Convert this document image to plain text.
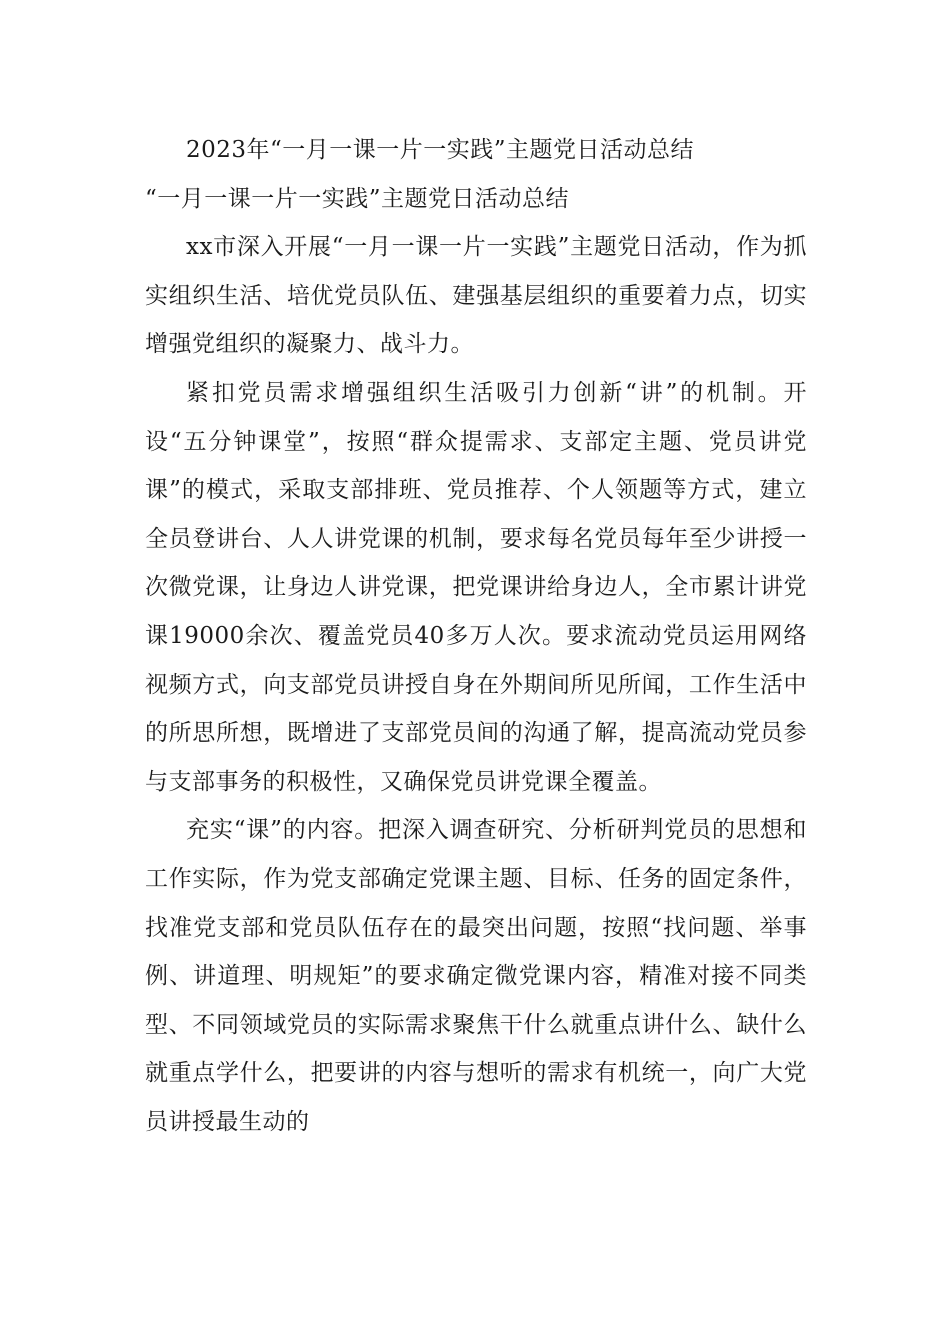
2023年“一月一课一片一实践”主题党日活动总结

“一月一课一片一实践”主题党日活动总结

xx市深入开展“一月一课一片一实践”主题党日活动，作为抓实组织生活、培优党员队伍、建强基层组织的重要着力点，切实增强党组织的凝聚力、战斗力。

紧扣党员需求增强组织生活吸引力创新“讲”的机制。开设“五分钟课堂”，按照“群众提需求、支部定主题、党员讲党课”的模式，采取支部排班、党员推荐、个人领题等方式，建立全员登讲台、人人讲党课的机制，要求每名党员每年至少讲授一次微党课，让身边人讲党课，把党课讲给身边人，全市累计讲党课19000余次、覆盖党员40多万人次。要求流动党员运用网络视频方式，向支部党员讲授自身在外期间所见所闻，工作生活中的所思所想，既增进了支部党员间的沟通了解，提高流动党员参与支部事务的积极性，又确保党员讲党课全覆盖。

充实“课”的内容。把深入调查研究、分析研判党员的思想和工作实际，作为党支部确定党课主题、目标、任务的固定条件，找准党支部和党员队伍存在的最突出问题，按照“找问题、举事例、讲道理、明规矩”的要求确定微党课内容，精准对接不同类型、不同领域党员的实际需求聚焦干什么就重点讲什么、缺什么就重点学什么，把要讲的内容与想听的需求有机统一，向广大党员讲授最生动的
